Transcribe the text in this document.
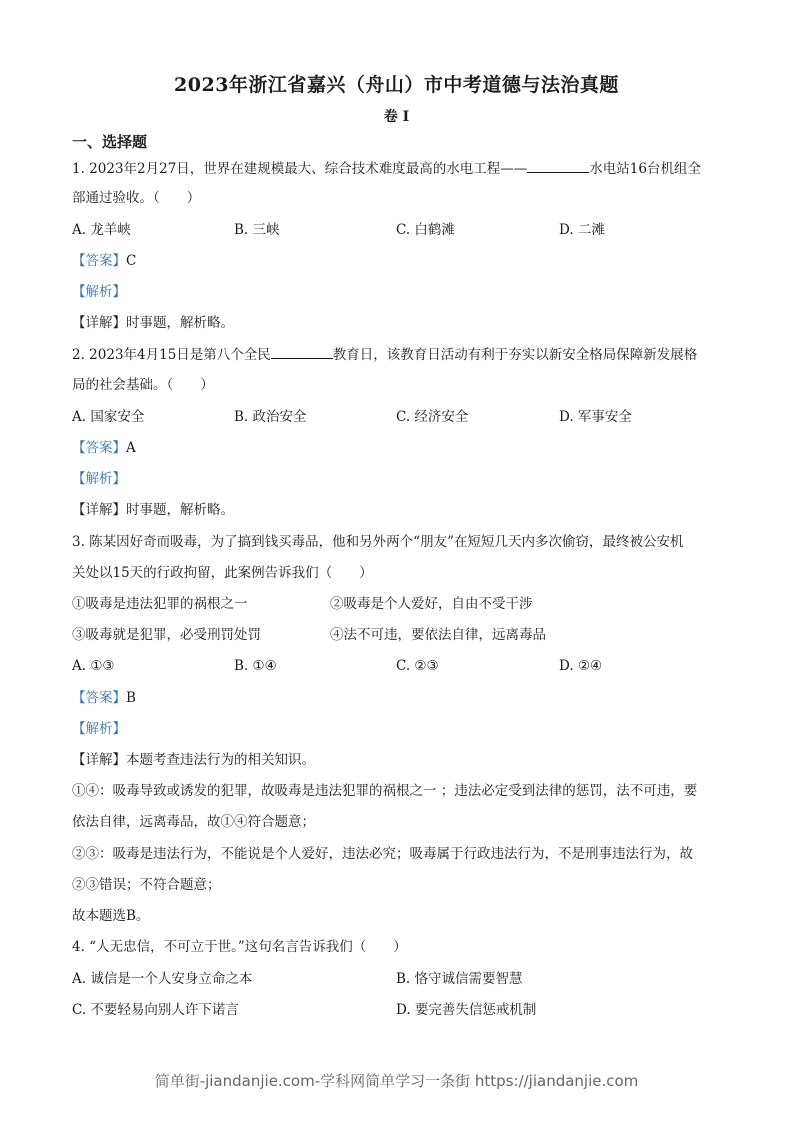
2023年浙江省嘉兴（舟山）市中考道德与法治真题
卷 I
一、选择题
1. 2023年2月27日，世界在建规模最大、综合技术难度最高的水电工程——	水电站16台机组全
部通过验收。（　　）
A. 龙羊峡	B. 三峡	C. 白鹤滩	D. 二滩
【答案】C
【解析】
【详解】时事题，解析略。
2. 2023年4月15日是第八个全民	教育日，该教育日活动有利于夯实以新安全格局保障新发展格
局的社会基础。（　　）
A. 国家安全	B. 政治安全	C. 经济安全	D. 军事安全
【答案】A
【解析】
【详解】时事题，解析略。
3. 陈某因好奇而吸毒，为了搞到钱买毒品，他和另外两个“朋友”在短短几天内多次偷窃，最终被公安机
关处以15天的行政拘留，此案例告诉我们（　　）
①吸毒是违法犯罪的祸根之一	②吸毒是个人爱好，自由不受干涉
③吸毒就是犯罪，必受刑罚处罚	④法不可违，要依法自律，远离毒品
A. ①③	B. ①④	C. ②③	D. ②④
【答案】B
【解析】
【详解】本题考查违法行为的相关知识。
①④：吸毒导致或诱发的犯罪，故吸毒是违法犯罪的祸根之一 ；违法必定受到法律的惩罚，法不可违，要
依法自律，远离毒品，故①④符合题意；
②③：吸毒是违法行为，不能说是个人爱好，违法必究；吸毒属于行政违法行为，不是刑事违法行为，故
②③错误；不符合题意；
故本题选B。
4. “人无忠信，不可立于世。”这句名言告诉我们（　　）
A. 诚信是一个人安身立命之本	B. 恪守诚信需要智慧
C. 不要轻易向别人许下诺言	D. 要完善失信惩戒机制
简单街-jiandanjie.com-学科网简单学习一条街 https://jiandanjie.com
